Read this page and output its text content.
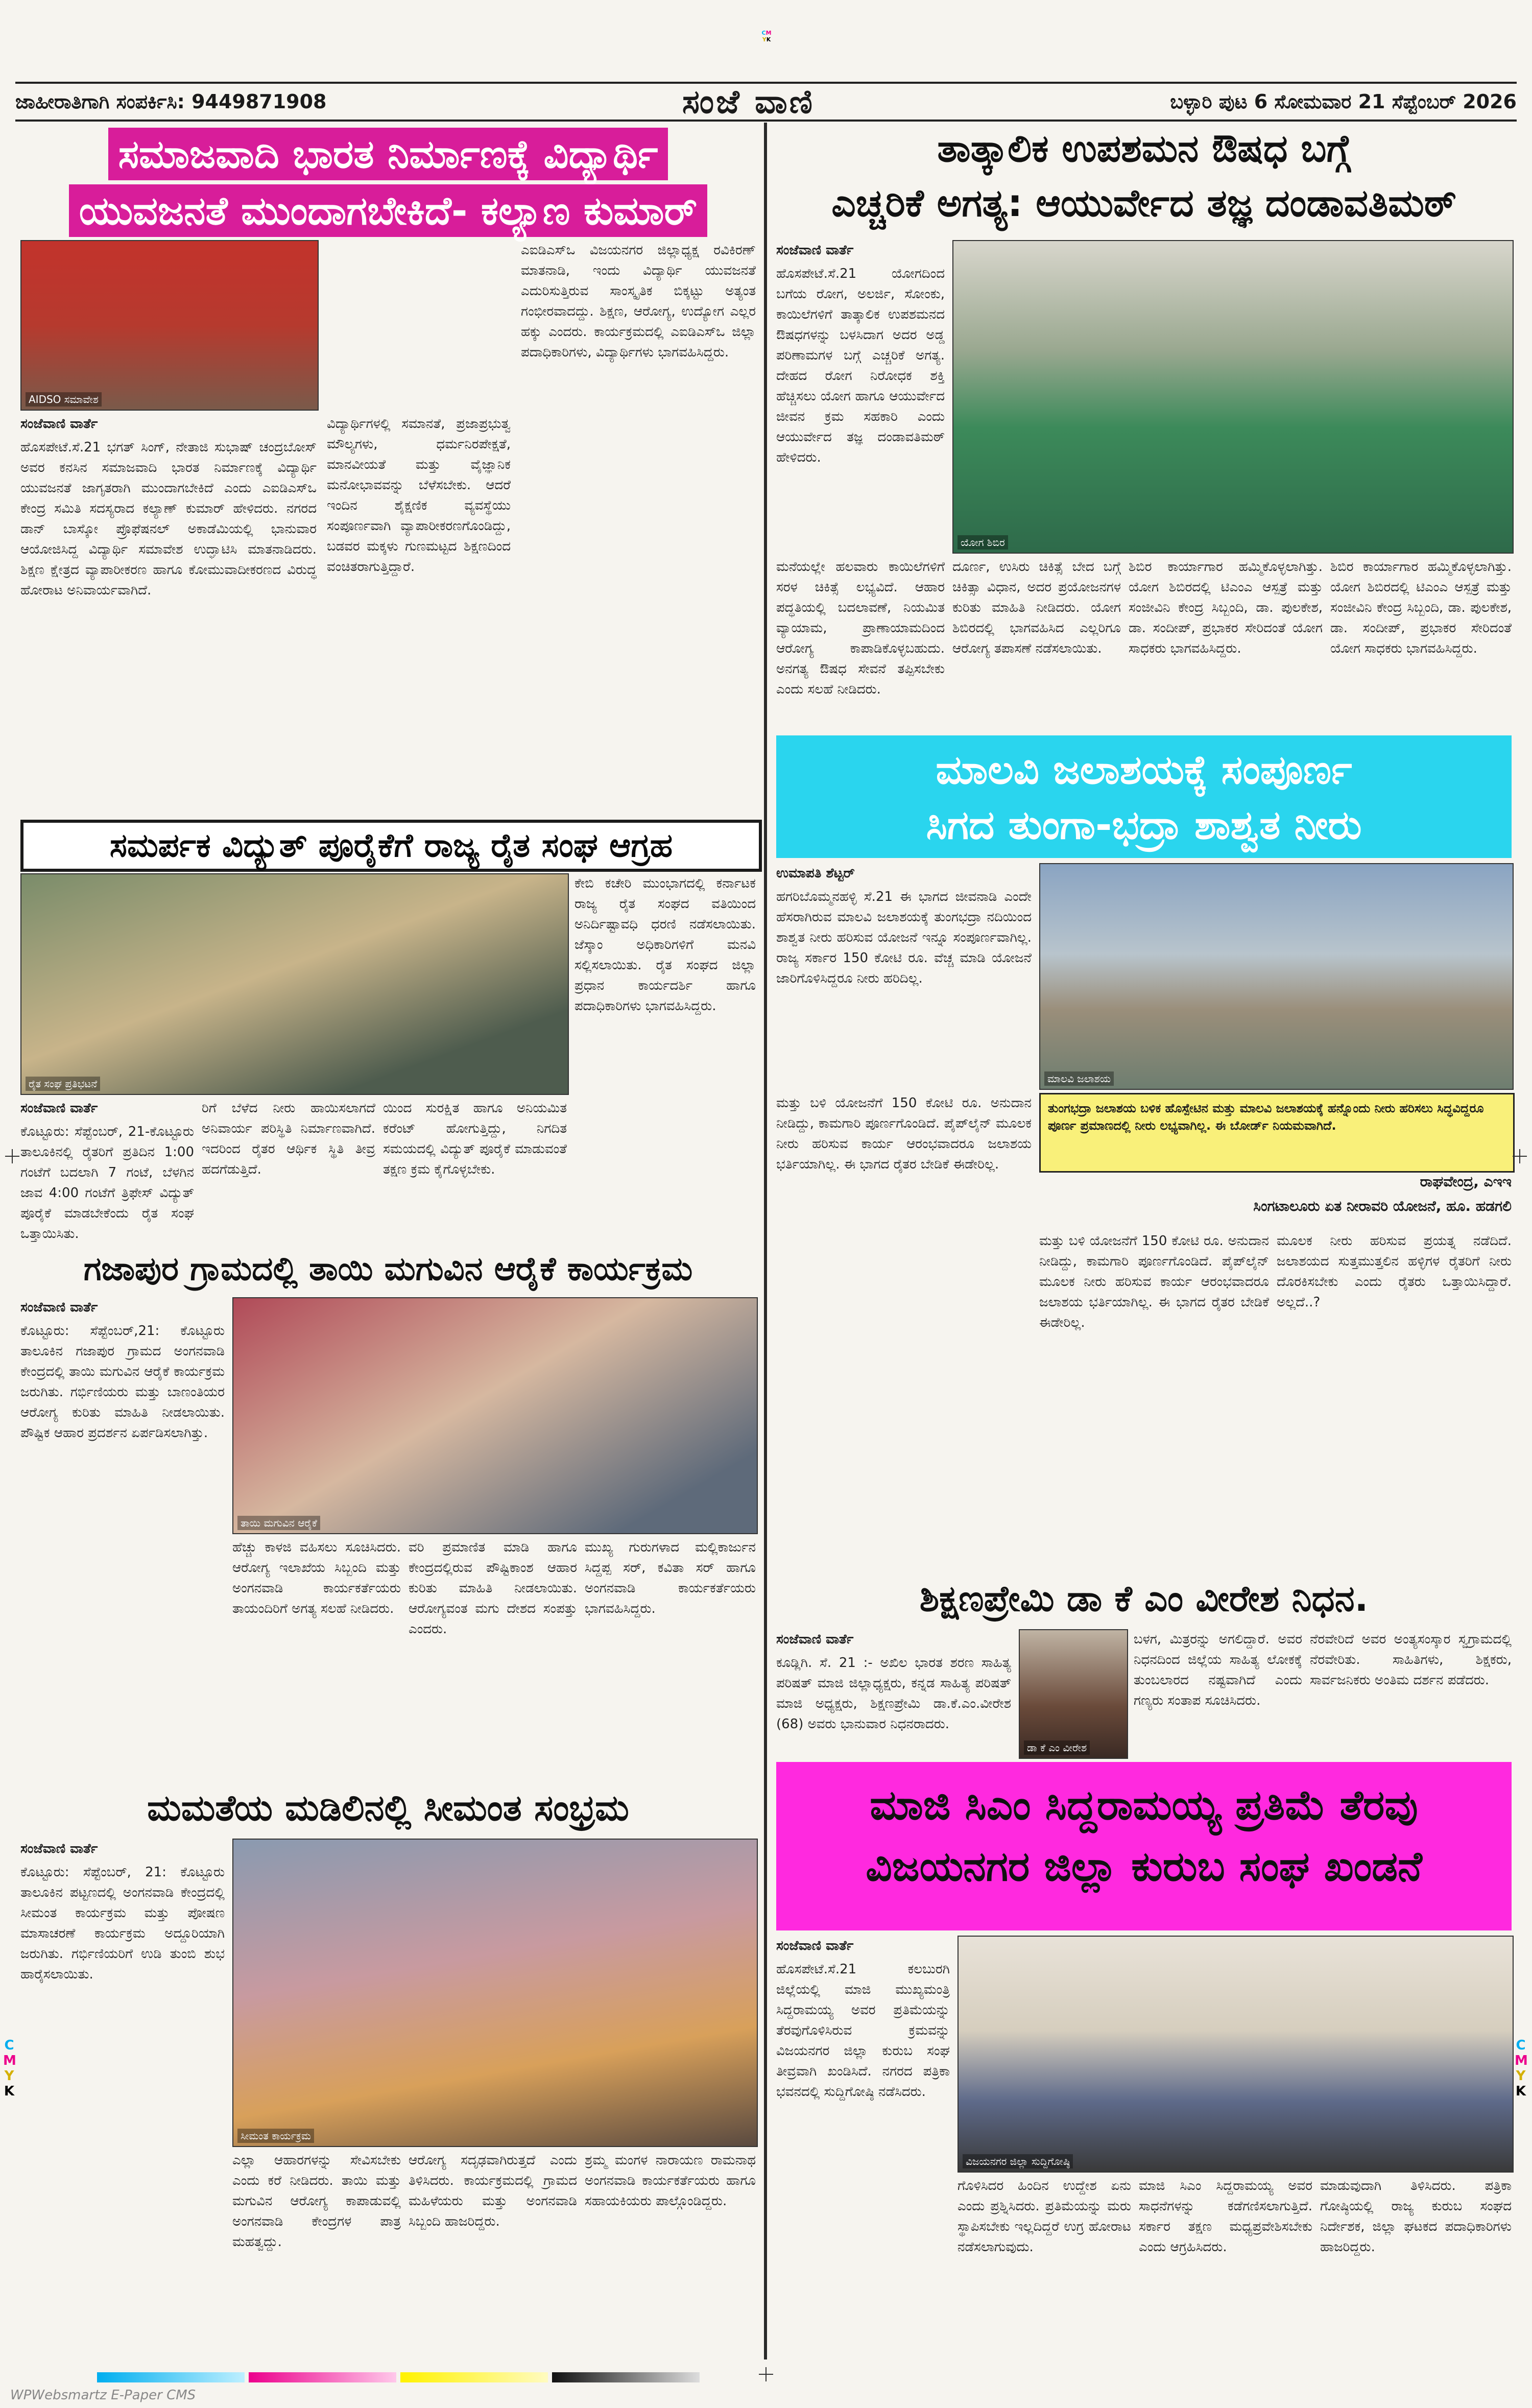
CM
YK
ಜಾಹೀರಾತಿಗಾಗಿ ಸಂಪರ್ಕಿಸಿ: 9449871908	ಸಂಜೆ ವಾಣಿ	ಬಳ್ಳಾರಿ ಪುಟ 6 ಸೋಮವಾರ 21 ಸೆಪ್ಟೆಂಬರ್ 2026
ಸಮಾಜವಾದಿ ಭಾರತ ನಿರ್ಮಾಣಕ್ಕೆ ವಿದ್ಯಾರ್ಥಿ
ಯುವಜನತೆ ಮುಂದಾಗಬೇಕಿದೆ- ಕಲ್ಯಾಣ ಕುಮಾರ್
AIDSO ಸಮಾವೇಶ

ಸಂಜೆವಾಣಿ ವಾರ್ತೆ

ಹೊಸಪೇಟೆ.ಸೆ.21 ಭಗತ್ ಸಿಂಗ್, ನೇತಾಜಿ ಸುಭಾಷ್ ಚಂದ್ರಬೋಸ್ ಅವರ ಕನಸಿನ ಸಮಾಜವಾದಿ ಭಾರತ ನಿರ್ಮಾಣಕ್ಕೆ ವಿದ್ಯಾರ್ಥಿ ಯುವಜನತೆ ಜಾಗೃತರಾಗಿ ಮುಂದಾಗಬೇಕಿದೆ ಎಂದು ಎಐಡಿಎಸ್‌ಒ ಕೇಂದ್ರ ಸಮಿತಿ ಸದಸ್ಯರಾದ ಕಲ್ಯಾಣ್ ಕುಮಾರ್ ಹೇಳಿದರು. ನಗರದ ಡಾನ್ ಬಾಸ್ಕೋ ಪ್ರೊಫೆಷನಲ್ ಅಕಾಡೆಮಿಯಲ್ಲಿ ಭಾನುವಾರ ಆಯೋಜಿಸಿದ್ದ ವಿದ್ಯಾರ್ಥಿ ಸಮಾವೇಶ ಉದ್ಘಾಟಿಸಿ ಮಾತನಾಡಿದರು. ಶಿಕ್ಷಣ ಕ್ಷೇತ್ರದ ವ್ಯಾಪಾರೀಕರಣ ಹಾಗೂ ಕೋಮುವಾದೀಕರಣದ ವಿರುದ್ಧ ಹೋರಾಟ ಅನಿವಾರ್ಯವಾಗಿದೆ.

ವಿದ್ಯಾರ್ಥಿಗಳಲ್ಲಿ ಸಮಾನತೆ, ಪ್ರಜಾಪ್ರಭುತ್ವ ಮೌಲ್ಯಗಳು, ಧರ್ಮನಿರಪೇಕ್ಷತೆ, ಮಾನವೀಯತೆ ಮತ್ತು ವೈಜ್ಞಾನಿಕ ಮನೋಭಾವವನ್ನು ಬೆಳೆಸಬೇಕು. ಆದರೆ ಇಂದಿನ ಶೈಕ್ಷಣಿಕ ವ್ಯವಸ್ಥೆಯು ಸಂಪೂರ್ಣವಾಗಿ ವ್ಯಾಪಾರೀಕರಣಗೊಂಡಿದ್ದು, ಬಡವರ ಮಕ್ಕಳು ಗುಣಮಟ್ಟದ ಶಿಕ್ಷಣದಿಂದ ವಂಚಿತರಾಗುತ್ತಿದ್ದಾರೆ.

ಎಐಡಿಎಸ್‌ಒ ವಿಜಯನಗರ ಜಿಲ್ಲಾಧ್ಯಕ್ಷ ರವಿಕಿರಣ್ ಮಾತನಾಡಿ, ಇಂದು ವಿದ್ಯಾರ್ಥಿ ಯುವಜನತೆ ಎದುರಿಸುತ್ತಿರುವ ಸಾಂಸ್ಕೃತಿಕ ಬಿಕ್ಕಟ್ಟು ಅತ್ಯಂತ ಗಂಭೀರವಾದದ್ದು. ಶಿಕ್ಷಣ, ಆರೋಗ್ಯ, ಉದ್ಯೋಗ ಎಲ್ಲರ ಹಕ್ಕು ಎಂದರು. ಕಾರ್ಯಕ್ರಮದಲ್ಲಿ ಎಐಡಿಎಸ್‌ಒ ಜಿಲ್ಲಾ ಪದಾಧಿಕಾರಿಗಳು, ವಿದ್ಯಾರ್ಥಿಗಳು ಭಾಗವಹಿಸಿದ್ದರು.

ಸಮರ್ಪಕ ವಿದ್ಯುತ್ ಪೂರೈಕೆಗೆ ರಾಜ್ಯ ರೈತ ಸಂಘ ಆಗ್ರಹ
ರೈತ ಸಂಘ ಪ್ರತಿಭಟನೆ

ಕೇಬಿ ಕಚೇರಿ ಮುಂಭಾಗದಲ್ಲಿ ಕರ್ನಾಟಕ ರಾಜ್ಯ ರೈತ ಸಂಘದ ವತಿಯಿಂದ ಅನಿರ್ದಿಷ್ಟಾವಧಿ ಧರಣಿ ನಡೆಸಲಾಯಿತು. ಜೆಸ್ಕಾಂ ಅಧಿಕಾರಿಗಳಿಗೆ ಮನವಿ ಸಲ್ಲಿಸಲಾಯಿತು. ರೈತ ಸಂಘದ ಜಿಲ್ಲಾ ಪ್ರಧಾನ ಕಾರ್ಯದರ್ಶಿ ಹಾಗೂ ಪದಾಧಿಕಾರಿಗಳು ಭಾಗವಹಿಸಿದ್ದರು.

ಸಂಜೆವಾಣಿ ವಾರ್ತೆ

ಕೊಟ್ಟೂರು: ಸೆಪ್ಟೆಂಬರ್, 21-ಕೊಟ್ಟೂರು ತಾಲೂಕಿನಲ್ಲಿ ರೈತರಿಗೆ ಪ್ರತಿದಿನ 1:00 ಗಂಟೆಗೆ ಬದಲಾಗಿ 7 ಗಂಟೆ, ಬೆಳಗಿನ ಜಾವ 4:00 ಗಂಟೆಗೆ ತ್ರಿಫೇಸ್ ವಿದ್ಯುತ್ ಪೂರೈಕೆ ಮಾಡಬೇಕೆಂದು ರೈತ ಸಂಘ ಒತ್ತಾಯಿಸಿತು.

ರಿಗೆ ಬೆಳೆದ ನೀರು ಹಾಯಿಸಲಾಗದೆ ಅನಿವಾರ್ಯ ಪರಿಸ್ಥಿತಿ ನಿರ್ಮಾಣವಾಗಿದೆ. ಇದರಿಂದ ರೈತರ ಆರ್ಥಿಕ ಸ್ಥಿತಿ ತೀವ್ರ ಹದಗೆಡುತ್ತಿದೆ.

ಯಿಂದ ಸುರಕ್ಷಿತ ಹಾಗೂ ಅನಿಯಮಿತ ಕರೆಂಟ್ ಹೋಗುತ್ತಿದ್ದು, ನಿಗದಿತ ಸಮಯದಲ್ಲಿ ವಿದ್ಯುತ್ ಪೂರೈಕೆ ಮಾಡುವಂತೆ ತಕ್ಷಣ ಕ್ರಮ ಕೈಗೊಳ್ಳಬೇಕು.

ಗಜಾಪುರ ಗ್ರಾಮದಲ್ಲಿ ತಾಯಿ ಮಗುವಿನ ಆರೈಕೆ ಕಾರ್ಯಕ್ರಮ

ಸಂಜೆವಾಣಿ ವಾರ್ತೆ

ಕೊಟ್ಟೂರು: ಸೆಪ್ಟೆಂಬರ್,21: ಕೊಟ್ಟೂರು ತಾಲೂಕಿನ ಗಜಾಪುರ ಗ್ರಾಮದ ಅಂಗನವಾಡಿ ಕೇಂದ್ರದಲ್ಲಿ ತಾಯಿ ಮಗುವಿನ ಆರೈಕೆ ಕಾರ್ಯಕ್ರಮ ಜರುಗಿತು. ಗರ್ಭಿಣಿಯರು ಮತ್ತು ಬಾಣಂತಿಯರ ಆರೋಗ್ಯ ಕುರಿತು ಮಾಹಿತಿ ನೀಡಲಾಯಿತು. ಪೌಷ್ಟಿಕ ಆಹಾರ ಪ್ರದರ್ಶನ ಏರ್ಪಡಿಸಲಾಗಿತ್ತು.

ತಾಯಿ ಮಗುವಿನ ಆರೈಕೆ

ಹೆಚ್ಚು ಕಾಳಜಿ ವಹಿಸಲು ಸೂಚಿಸಿದರು. ಆರೋಗ್ಯ ಇಲಾಖೆಯ ಸಿಬ್ಬಂದಿ ಮತ್ತು ಅಂಗನವಾಡಿ ಕಾರ್ಯಕರ್ತೆಯರು ತಾಯಂದಿರಿಗೆ ಅಗತ್ಯ ಸಲಹೆ ನೀಡಿದರು.

ವರಿ ಪ್ರಮಾಣಿತ ಮಾಡಿ ಹಾಗೂ ಕೇಂದ್ರದಲ್ಲಿರುವ ಪೌಷ್ಟಿಕಾಂಶ ಆಹಾರ ಕುರಿತು ಮಾಹಿತಿ ನೀಡಲಾಯಿತು. ಆರೋಗ್ಯವಂತ ಮಗು ದೇಶದ ಸಂಪತ್ತು ಎಂದರು.

ಮುಖ್ಯ ಗುರುಗಳಾದ ಮಲ್ಲಿಕಾರ್ಜುನ ಸಿದ್ದಪ್ಪ ಸರ್, ಕವಿತಾ ಸರ್ ಹಾಗೂ ಅಂಗನವಾಡಿ ಕಾರ್ಯಕರ್ತೆಯರು ಭಾಗವಹಿಸಿದ್ದರು.

ಮಮತೆಯ ಮಡಿಲಿನಲ್ಲಿ ಸೀಮಂತ ಸಂಭ್ರಮ

ಸಂಜೆವಾಣಿ ವಾರ್ತೆ

ಕೊಟ್ಟೂರು: ಸೆಪ್ಟೆಂಬರ್, 21: ಕೊಟ್ಟೂರು ತಾಲೂಕಿನ ಪಟ್ಟಣದಲ್ಲಿ ಅಂಗನವಾಡಿ ಕೇಂದ್ರದಲ್ಲಿ ಸೀಮಂತ ಕಾರ್ಯಕ್ರಮ ಮತ್ತು ಪೋಷಣ ಮಾಸಾಚರಣೆ ಕಾರ್ಯಕ್ರಮ ಅದ್ದೂರಿಯಾಗಿ ಜರುಗಿತು. ಗರ್ಭಿಣಿಯರಿಗೆ ಉಡಿ ತುಂಬಿ ಶುಭ ಹಾರೈಸಲಾಯಿತು.

ಸೀಮಂತ ಕಾರ್ಯಕ್ರಮ

ಎಲ್ಲಾ ಆಹಾರಗಳನ್ನು ಸೇವಿಸಬೇಕು ಎಂದು ಕರೆ ನೀಡಿದರು. ತಾಯಿ ಮತ್ತು ಮಗುವಿನ ಆರೋಗ್ಯ ಕಾಪಾಡುವಲ್ಲಿ ಅಂಗನವಾಡಿ ಕೇಂದ್ರಗಳ ಪಾತ್ರ ಮಹತ್ವದ್ದು.

ಆರೋಗ್ಯ ಸದೃಢವಾಗಿರುತ್ತದೆ ಎಂದು ತಿಳಿಸಿದರು. ಕಾರ್ಯಕ್ರಮದಲ್ಲಿ ಗ್ರಾಮದ ಮಹಿಳೆಯರು ಮತ್ತು ಅಂಗನವಾಡಿ ಸಿಬ್ಬಂದಿ ಹಾಜರಿದ್ದರು.

ಶ್ರಮ್ಮ ಮಂಗಳ ನಾರಾಯಣ ರಾಮನಾಥ ಅಂಗನವಾಡಿ ಕಾರ್ಯಕರ್ತೆಯರು ಹಾಗೂ ಸಹಾಯಕಿಯರು ಪಾಲ್ಗೊಂಡಿದ್ದರು.

ತಾತ್ಕಾಲಿಕ ಉಪಶಮನ ಔಷಧ ಬಗ್ಗೆ
ಎಚ್ಚರಿಕೆ ಅಗತ್ಯ: ಆಯುರ್ವೇದ ತಜ್ಞ ದಂಡಾವತಿಮಠ್

ಸಂಜೆವಾಣಿ ವಾರ್ತೆ

ಹೊಸಪೇಟೆ.ಸೆ.21 ಯೋಗದಿಂದ ಬಗೆಯ ರೋಗ, ಅಲರ್ಜಿ, ಸೋಂಕು, ಕಾಯಿಲೆಗಳಿಗೆ ತಾತ್ಕಾಲಿಕ ಉಪಶಮನದ ಔಷಧಗಳನ್ನು ಬಳಸಿದಾಗ ಅದರ ಅಡ್ಡ ಪರಿಣಾಮಗಳ ಬಗ್ಗೆ ಎಚ್ಚರಿಕೆ ಅಗತ್ಯ. ದೇಹದ ರೋಗ ನಿರೋಧಕ ಶಕ್ತಿ ಹೆಚ್ಚಿಸಲು ಯೋಗ ಹಾಗೂ ಆಯುರ್ವೇದ ಜೀವನ ಕ್ರಮ ಸಹಕಾರಿ ಎಂದು ಆಯುರ್ವೇದ ತಜ್ಞ ದಂಡಾವತಿಮಠ್ ಹೇಳಿದರು.

ಯೋಗ ಶಿಬಿರ

ಮನೆಯಲ್ಲೇ ಹಲವಾರು ಕಾಯಿಲೆಗಳಿಗೆ ಸರಳ ಚಿಕಿತ್ಸೆ ಲಭ್ಯವಿದೆ. ಆಹಾರ ಪದ್ಧತಿಯಲ್ಲಿ ಬದಲಾವಣೆ, ನಿಯಮಿತ ವ್ಯಾಯಾಮ, ಪ್ರಾಣಾಯಾಮದಿಂದ ಆರೋಗ್ಯ ಕಾಪಾಡಿಕೊಳ್ಳಬಹುದು. ಅನಗತ್ಯ ಔಷಧ ಸೇವನೆ ತಪ್ಪಿಸಬೇಕು ಎಂದು ಸಲಹೆ ನೀಡಿದರು.

ದೂರ್ಣ, ಉಸಿರು ಚಿಕಿತ್ಸೆ ಬೇದ ಬಗ್ಗೆ ಚಿಕಿತ್ಸಾ ವಿಧಾನ, ಅದರ ಪ್ರಯೋಜನಗಳ ಕುರಿತು ಮಾಹಿತಿ ನೀಡಿದರು. ಯೋಗ ಶಿಬಿರದಲ್ಲಿ ಭಾಗವಹಿಸಿದ ಎಲ್ಲರಿಗೂ ಆರೋಗ್ಯ ತಪಾಸಣೆ ನಡೆಸಲಾಯಿತು.

ಶಿಬಿರ ಕಾರ್ಯಾಗಾರ ಹಮ್ಮಿಕೊಳ್ಳಲಾಗಿತ್ತು. ಯೋಗ ಶಿಬಿರದಲ್ಲಿ ಟಿಎಂಎ ಆಸ್ಪತ್ರೆ ಮತ್ತು ಸಂಜೀವಿನಿ ಕೇಂದ್ರ ಸಿಬ್ಬಂದಿ, ಡಾ. ಪುಲಕೇಶ, ಡಾ. ಸಂದೀಪ್, ಪ್ರಭಾಕರ ಸೇರಿದಂತೆ ಯೋಗ ಸಾಧಕರು ಭಾಗವಹಿಸಿದ್ದರು.

ಶಿಬಿರ ಕಾರ್ಯಾಗಾರ ಹಮ್ಮಿಕೊಳ್ಳಲಾಗಿತ್ತು. ಯೋಗ ಶಿಬಿರದಲ್ಲಿ ಟಿಎಂಎ ಆಸ್ಪತ್ರೆ ಮತ್ತು ಸಂಜೀವಿನಿ ಕೇಂದ್ರ ಸಿಬ್ಬಂದಿ, ಡಾ. ಪುಲಕೇಶ, ಡಾ. ಸಂದೀಪ್, ಪ್ರಭಾಕರ ಸೇರಿದಂತೆ ಯೋಗ ಸಾಧಕರು ಭಾಗವಹಿಸಿದ್ದರು.

ಮಾಲವಿ ಜಲಾಶಯಕ್ಕೆ ಸಂಪೂರ್ಣ
ಸಿಗದ ತುಂಗಾ-ಭದ್ರಾ ಶಾಶ್ವತ ನೀರು

ಉಮಾಪತಿ ಶೆಟ್ಟರ್

ಹಗರಿಬೊಮ್ಮನಹಳ್ಳಿ ಸೆ.21 ಈ ಭಾಗದ ಜೀವನಾಡಿ ಎಂದೇ ಹೆಸರಾಗಿರುವ ಮಾಲವಿ ಜಲಾಶಯಕ್ಕೆ ತುಂಗಭದ್ರಾ ನದಿಯಿಂದ ಶಾಶ್ವತ ನೀರು ಹರಿಸುವ ಯೋಜನೆ ಇನ್ನೂ ಸಂಪೂರ್ಣವಾಗಿಲ್ಲ. ರಾಜ್ಯ ಸರ್ಕಾರ 150 ಕೋಟಿ ರೂ. ವೆಚ್ಚ ಮಾಡಿ ಯೋಜನೆ ಜಾರಿಗೊಳಿಸಿದ್ದರೂ ನೀರು ಹರಿದಿಲ್ಲ.

ಮಾಲವಿ ಜಲಾಶಯ
ತುಂಗಭದ್ರಾ ಜಲಾಶಯ ಬಳಿಕ ಹೊಸ್ಪೇಟಿನ ಮತ್ತು ಮಾಲವಿ ಜಲಾಶಯಕ್ಕೆ ಹನ್ನೊಂದು ನೀರು ಹರಿಸಲು ಸಿದ್ಧವಿದ್ದರೂ ಪೂರ್ಣ ಪ್ರಮಾಣದಲ್ಲಿ ನೀರು ಲಭ್ಯವಾಗಿಲ್ಲ. ಈ ಬೋರ್ಡ್ ನಿಯಮವಾಗಿದೆ.
ರಾಘವೇಂದ್ರ, ಎಇಇ
ಸಿಂಗಟಾಲೂರು ಏತ ನೀರಾವರಿ ಯೋಜನೆ, ಹೂ. ಹಡಗಲಿ

ಮತ್ತು ಬಳಿ ಯೋಜನೆಗೆ 150 ಕೋಟಿ ರೂ. ಅನುದಾನ ನೀಡಿದ್ದು, ಕಾಮಗಾರಿ ಪೂರ್ಣಗೊಂಡಿದೆ. ಪೈಪ್‌ಲೈನ್ ಮೂಲಕ ನೀರು ಹರಿಸುವ ಕಾರ್ಯ ಆರಂಭವಾದರೂ ಜಲಾಶಯ ಭರ್ತಿಯಾಗಿಲ್ಲ. ಈ ಭಾಗದ ರೈತರ ಬೇಡಿಕೆ ಈಡೇರಿಲ್ಲ.

ಮೂಲಕ ನೀರು ಹರಿಸುವ ಪ್ರಯತ್ನ ನಡೆದಿದೆ. ಜಲಾಶಯದ ಸುತ್ತಮುತ್ತಲಿನ ಹಳ್ಳಿಗಳ ರೈತರಿಗೆ ನೀರು ದೊರಕಿಸಬೇಕು ಎಂದು ರೈತರು ಒತ್ತಾಯಿಸಿದ್ದಾರೆ. ಅಲ್ಲದೆ..?

ಮತ್ತು ಬಳಿ ಯೋಜನೆಗೆ 150 ಕೋಟಿ ರೂ. ಅನುದಾನ ನೀಡಿದ್ದು, ಕಾಮಗಾರಿ ಪೂರ್ಣಗೊಂಡಿದೆ. ಪೈಪ್‌ಲೈನ್ ಮೂಲಕ ನೀರು ಹರಿಸುವ ಕಾರ್ಯ ಆರಂಭವಾದರೂ ಜಲಾಶಯ ಭರ್ತಿಯಾಗಿಲ್ಲ. ಈ ಭಾಗದ ರೈತರ ಬೇಡಿಕೆ ಈಡೇರಿಲ್ಲ.

ಶಿಕ್ಷಣಪ್ರೇಮಿ ಡಾ ಕೆ ಎಂ ವೀರೇಶ ನಿಧನ.

ಸಂಜೆವಾಣಿ ವಾರ್ತೆ

ಕೂಡ್ಲಿಗಿ. ಸೆ. 21 :- ಅಖಿಲ ಭಾರತ ಶರಣ ಸಾಹಿತ್ಯ ಪರಿಷತ್ ಮಾಜಿ ಜಿಲ್ಲಾಧ್ಯಕ್ಷರು, ಕನ್ನಡ ಸಾಹಿತ್ಯ ಪರಿಷತ್ ಮಾಜಿ ಅಧ್ಯಕ್ಷರು, ಶಿಕ್ಷಣಪ್ರೇಮಿ ಡಾ.ಕೆ.ಎಂ.ವೀರೇಶ (68) ಅವರು ಭಾನುವಾರ ನಿಧನರಾದರು.

ಡಾ ಕೆ ಎಂ ವೀರೇಶ

ಬಳಗ, ಮಿತ್ರರನ್ನು ಅಗಲಿದ್ದಾರೆ. ಅವರ ನಿಧನದಿಂದ ಜಿಲ್ಲೆಯ ಸಾಹಿತ್ಯ ಲೋಕಕ್ಕೆ ತುಂಬಲಾರದ ನಷ್ಟವಾಗಿದೆ ಎಂದು ಗಣ್ಯರು ಸಂತಾಪ ಸೂಚಿಸಿದರು.

ನೆರವೇರಿದೆ ಅವರ ಅಂತ್ಯಸಂಸ್ಕಾರ ಸ್ವಗ್ರಾಮದಲ್ಲಿ ನೆರವೇರಿತು. ಸಾಹಿತಿಗಳು, ಶಿಕ್ಷಕರು, ಸಾರ್ವಜನಿಕರು ಅಂತಿಮ ದರ್ಶನ ಪಡೆದರು.

ಮಾಜಿ ಸಿಎಂ ಸಿದ್ದರಾಮಯ್ಯ ಪ್ರತಿಮೆ ತೆರವು
ವಿಜಯನಗರ ಜಿಲ್ಲಾ ಕುರುಬ ಸಂಘ ಖಂಡನೆ

ಸಂಜೆವಾಣಿ ವಾರ್ತೆ

ಹೊಸಪೇಟೆ.ಸೆ.21 ಕಲಬುರಗಿ ಜಿಲ್ಲೆಯಲ್ಲಿ ಮಾಜಿ ಮುಖ್ಯಮಂತ್ರಿ ಸಿದ್ದರಾಮಯ್ಯ ಅವರ ಪ್ರತಿಮೆಯನ್ನು ತೆರವುಗೊಳಿಸಿರುವ ಕ್ರಮವನ್ನು ವಿಜಯನಗರ ಜಿಲ್ಲಾ ಕುರುಬ ಸಂಘ ತೀವ್ರವಾಗಿ ಖಂಡಿಸಿದೆ. ನಗರದ ಪತ್ರಿಕಾ ಭವನದಲ್ಲಿ ಸುದ್ದಿಗೋಷ್ಠಿ ನಡೆಸಿದರು.

ವಿಜಯನಗರ ಜಿಲ್ಲಾ ಸುದ್ದಿಗೋಷ್ಠಿ

ಗೊಳಿಸಿದರ ಹಿಂದಿನ ಉದ್ದೇಶ ಏನು ಎಂದು ಪ್ರಶ್ನಿಸಿದರು. ಪ್ರತಿಮೆಯನ್ನು ಮರು ಸ್ಥಾಪಿಸಬೇಕು ಇಲ್ಲದಿದ್ದರೆ ಉಗ್ರ ಹೋರಾಟ ನಡೆಸಲಾಗುವುದು.

ಮಾಜಿ ಸಿಎಂ ಸಿದ್ದರಾಮಯ್ಯ ಅವರ ಸಾಧನೆಗಳನ್ನು ಕಡೆಗಣಿಸಲಾಗುತ್ತಿದೆ. ಸರ್ಕಾರ ತಕ್ಷಣ ಮಧ್ಯಪ್ರವೇಶಿಸಬೇಕು ಎಂದು ಆಗ್ರಹಿಸಿದರು.

ಮಾಡುವುದಾಗಿ ತಿಳಿಸಿದರು. ಪತ್ರಿಕಾ ಗೋಷ್ಠಿಯಲ್ಲಿ ರಾಜ್ಯ ಕುರುಬ ಸಂಘದ ನಿರ್ದೇಶಕ, ಜಿಲ್ಲಾ ಘಟಕದ ಪದಾಧಿಕಾರಿಗಳು ಹಾಜರಿದ್ದರು.

C
M
Y
K
C
M
Y
K
WPWebsmartz E-Paper CMS
